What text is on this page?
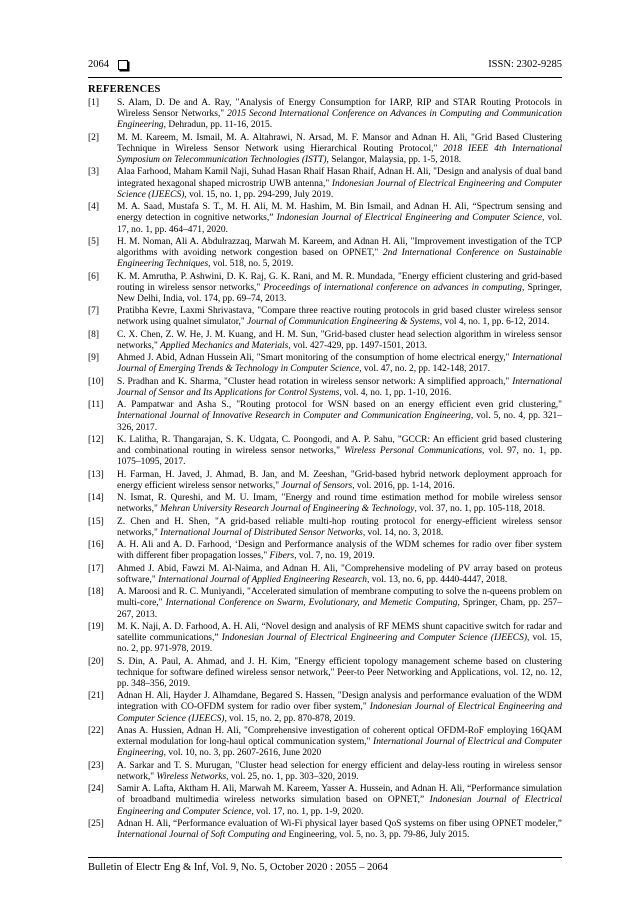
2064	ISSN: 2302-9285
REFERENCES
[1] S. Alam, D. De and A. Ray, "Analysis of Energy Consumption for IARP, RIP and STAR Routing Protocols in Wireless Sensor Networks," 2015 Second International Conference on Advances in Computing and Communication Engineering, Dehradun, pp. 11-16, 2015.
[2] M. M. Kareem, M. Ismail, M. A. Altahrawi, N. Arsad, M. F. Mansor and Adnan H. Ali, "Grid Based Clustering Technique in Wireless Sensor Network using Hierarchical Routing Protocol," 2018 IEEE 4th International Symposium on Telecommunication Technologies (ISTT), Selangor, Malaysia, pp. 1-5, 2018.
[3] Alaa Farhood, Maham Kamil Naji, Suhad Hasan Rhaif Hasan Rhaif, Adnan H. Ali, "Design and analysis of dual band integrated hexagonal shaped microstrip UWB antenna," Indonesian Journal of Electrical Engineering and Computer Science (IJEECS), vol. 15, no. 1, pp. 294-299, July 2019.
[4] M. A. Saad, Mustafa S. T., M. H. Ali, M. M. Hashim, M. Bin Ismail, and Adnan H. Ali, “Spectrum sensing and energy detection in cognitive networks,” Indonesian Journal of Electrical Engineering and Computer Science, vol. 17, no. 1, pp. 464–471, 2020.
[5] H. M. Noman, Ali A. Abdulrazzaq, Marwah M. Kareem, and Adnan H. Ali, "Improvement investigation of the TCP algorithms with avoiding network congestion based on OPNET," 2nd International Conference on Sustainable Engineering Techniques, vol. 518, no. 5, 2019.
[6] K. M. Amrutha, P. Ashwini, D. K. Raj, G. K. Rani, and M. R. Mundada, "Energy efficient clustering and grid-based routing in wireless sensor networks," Proceedings of international conference on advances in computing, Springer, New Delhi, India, vol. 174, pp. 69–74, 2013.
[7] Pratibha Kevre, Laxmi Shrivastava, "Compare three reactive routing protocols in grid based cluster wireless sensor network using qualnet simulator," Journal of Communication Engineering & Systems, vol 4, no. 1, pp. 6-12, 2014.
[8] C. X. Chen, Z. W. He, J. M. Kuang, and H. M. Sun, "Grid-based cluster head selection algorithm in wireless sensor networks," Applied Mechanics and Materials, vol. 427-429, pp. 1497-1501, 2013.
[9] Ahmed J. Abid, Adnan Hussein Ali, "Smart monitoring of the consumption of home electrical energy," International Journal of Emerging Trends & Technology in Computer Science, vol. 47, no. 2, pp. 142-148, 2017.
[10] S. Pradhan and K. Sharma, "Cluster head rotation in wireless sensor network: A simplified approach," International Journal of Sensor and Its Applications for Control Systems, vol. 4, no. 1, pp. 1-10, 2016.
[11] A. Pampatwar and Asha S., "Routing protocol for WSN based on an energy efficient even grid clustering," International Journal of Innovative Research in Computer and Communication Engineering, vol. 5, no. 4, pp. 321–326, 2017.
[12] K. Lalitha, R. Thangarajan, S. K. Udgata, C. Poongodi, and A. P. Sahu, "GCCR: An efficient grid based clustering and combinational routing in wireless sensor networks," Wireless Personal Communications, vol. 97, no. 1, pp. 1075–1095, 2017.
[13] H. Farman, H. Javed, J. Ahmad, B. Jan, and M. Zeeshan, "Grid-based hybrid network deployment approach for energy efficient wireless sensor networks," Journal of Sensors, vol. 2016, pp. 1-14, 2016.
[14] N. Ismat, R. Qureshi, and M. U. Imam, "Energy and round time estimation method for mobile wireless sensor networks," Mehran University Research Journal of Engineering & Technology, vol. 37, no. 1, pp. 105-118, 2018.
[15] Z. Chen and H. Shen, "A grid-based reliable multi-hop routing protocol for energy-efficient wireless sensor networks," International Journal of Distributed Sensor Networks, vol. 14, no. 3, 2018.
[16] A. H. Ali and A. D. Farhood, ‘Design and Performance analysis of the WDM schemes for radio over fiber system with different fiber propagation losses," Fibers, vol. 7, no. 19, 2019.
[17] Ahmed J. Abid, Fawzi M. Al-Naima, and Adnan H. Ali, "Comprehensive modeling of PV array based on proteus software," International Journal of Applied Engineering Research, vol. 13, no. 6, pp. 4440-4447, 2018.
[18] A. Maroosi and R. C. Muniyandi, "Accelerated simulation of membrane computing to solve the n-queens problem on multi-core," International Conference on Swarm, Evolutionary, and Memetic Computing, Springer, Cham, pp. 257–267, 2013.
[19] M. K. Naji, A. D. Farhood, A. H. Ali, “Novel design and analysis of RF MEMS shunt capacitive switch for radar and satellite communications,” Indonesian Journal of Electrical Engineering and Computer Science (IJEECS), vol. 15, no. 2, pp. 971-978, 2019.
[20] S. Din, A. Paul, A. Ahmad, and J. H. Kim, "Energy efficient topology management scheme based on clustering technique for software defined wireless sensor network," Peer-to Peer Networking and Applications, vol. 12, no. 12, pp. 348–356, 2019.
[21] Adnan H. Ali, Hayder J. Alhamdane, Begared S. Hassen, "Design analysis and performance evaluation of the WDM integration with CO-OFDM system for radio over fiber system," Indonesian Journal of Electrical Engineering and Computer Science (IJEECS), vol. 15, no. 2, pp. 870-878, 2019.
[22] Anas A. Hussien, Adnan H. Ali, "Comprehensive investigation of coherent optical OFDM-RoF employing 16QAM external modulation for long-haul optical communication system," International Journal of Electrical and Computer Engineering, vol. 10, no. 3, pp. 2607-2616, June 2020
[23] A. Sarkar and T. S. Murugan, "Cluster head selection for energy efficient and delay-less routing in wireless sensor network," Wireless Networks, vol. 25, no. 1, pp. 303–320, 2019.
[24] Samir A. Lafta, Aktham H. Ali, Marwah M. Kareem, Yasser A. Hussein, and Adnan H. Ali, “Performance simulation of broadband multimedia wireless networks simulation based on OPNET,” Indonesian Journal of Electrical Engineering and Computer Science, vol. 17, no. 1, pp. 1-9, 2020.
[25] Adnan H. Ali, “Performance evaluation of Wi-Fi physical layer based QoS systems on fiber using OPNET modeler,” International Journal of Soft Computing and Engineering, vol. 5, no. 3, pp. 79-86, July 2015.
Bulletin of Electr Eng & Inf, Vol. 9, No. 5, October 2020 : 2055 – 2064
